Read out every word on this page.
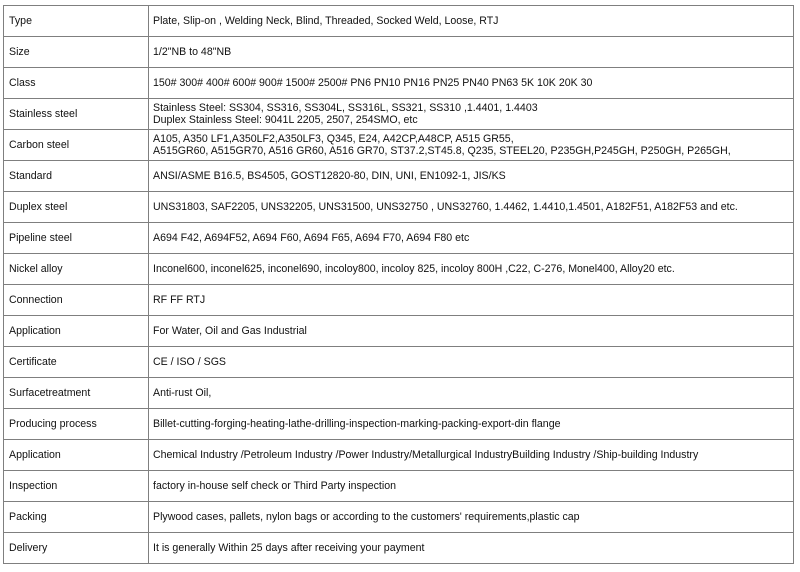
Type	Plate, Slip-on , Welding Neck, Blind, Threaded, Socked Weld, Loose, RTJ

Size	1/2"NB to 48"NB

Class	150# 300# 400# 600# 900# 1500# 2500# PN6 PN10 PN16 PN25 PN40 PN63 5K 10K 20K 30

Stainless steel	Stainless Steel: SS304, SS316, SS304L, SS316L, SS321, SS310 ,1.4401, 1.4403
Duplex Stainless Steel: 9041L 2205, 2507, 254SMO, etc

Carbon steel	A105, A350 LF1,A350LF2,A350LF3, Q345, E24, A42CP,A48CP, A515 GR55,
A515GR60, A515GR70, A516 GR60, A516 GR70, ST37.2,ST45.8, Q235, STEEL20, P235GH,P245GH, P250GH, P265GH,

Standard	ANSI/ASME B16.5, BS4505, GOST12820-80, DIN, UNI, EN1092-1, JIS/KS

Duplex steel	UNS31803, SAF2205, UNS32205, UNS31500, UNS32750 , UNS32760, 1.4462, 1.4410,1.4501, A182F51, A182F53 and etc.

Pipeline steel	A694 F42, A694F52, A694 F60, A694 F65, A694 F70, A694 F80 etc

Nickel alloy	Inconel600, inconel625, inconel690, incoloy800, incoloy 825, incoloy 800H ,C22, C-276, Monel400, Alloy20 etc.

Connection	RF FF RTJ

Application	For Water, Oil and Gas Industrial

Certificate	CE / ISO / SGS

Surfacetreatment	Anti-rust Oil,

Producing process	Billet-cutting-forging-heating-lathe-drilling-inspection-marking-packing-export-din flange

Application	Chemical Industry /Petroleum Industry /Power Industry/Metallurgical IndustryBuilding Industry /Ship-building Industry

Inspection	factory in-house self check or Third Party inspection

Packing	Plywood cases, pallets, nylon bags or according to the customers' requirements,plastic cap

Delivery	It is generally Within 25 days after receiving your payment
